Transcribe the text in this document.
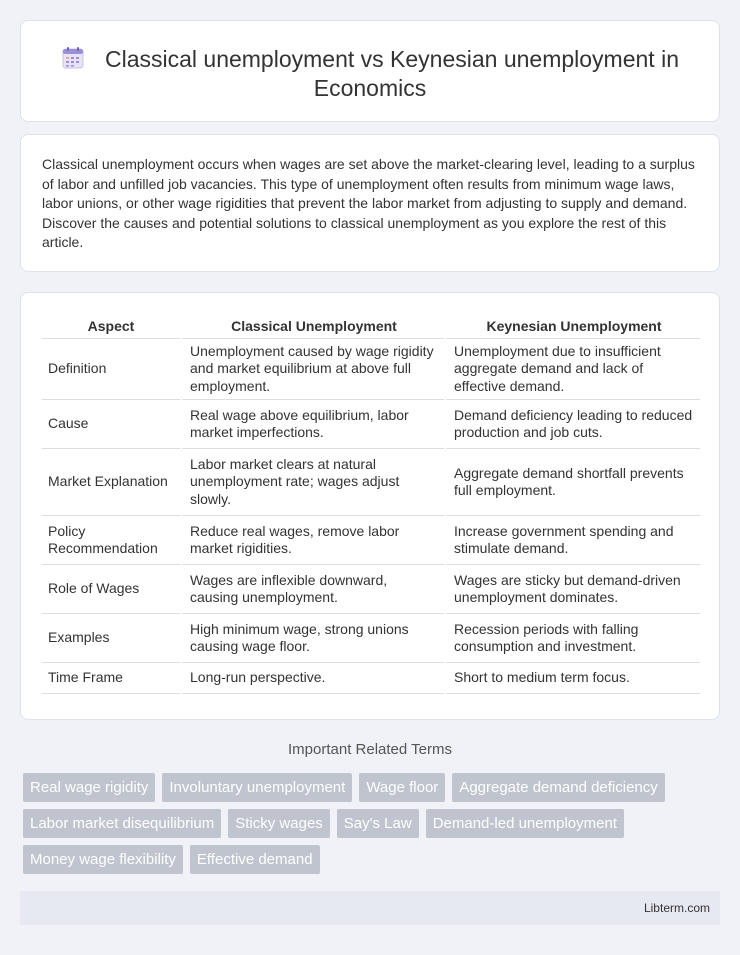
Classical unemployment vs Keynesian unemployment in Economics

Classical unemployment occurs when wages are set above the market-clearing level, leading to a surplus of labor and unfilled job vacancies. This type of unemployment often results from minimum wage laws, labor unions, or other wage rigidities that prevent the labor market from adjusting to supply and demand. Discover the causes and potential solutions to classical unemployment as you explore the rest of this article.

Aspect	Classical Unemployment	Keynesian Unemployment
Definition	Unemployment caused by wage rigidity and market equilibrium at above full employment.	Unemployment due to insufficient aggregate demand and lack of effective demand.
Cause	Real wage above equilibrium, labor market imperfections.	Demand deficiency leading to reduced production and job cuts.
Market Explanation	Labor market clears at natural unemployment rate; wages adjust slowly.	Aggregate demand shortfall prevents full employment.
Policy Recommendation	Reduce real wages, remove labor market rigidities.	Increase government spending and stimulate demand.
Role of Wages	Wages are inflexible downward, causing unemployment.	Wages are sticky but demand-driven unemployment dominates.
Examples	High minimum wage, strong unions causing wage floor.	Recession periods with falling consumption and investment.
Time Frame	Long-run perspective.	Short to medium term focus.
Important Related Terms
Real wage rigidity Involuntary unemployment Wage floor Aggregate demand deficiency
Labor market disequilibrium Sticky wages Say's Law Demand-led unemployment
Money wage flexibility Effective demand
Libterm.com
